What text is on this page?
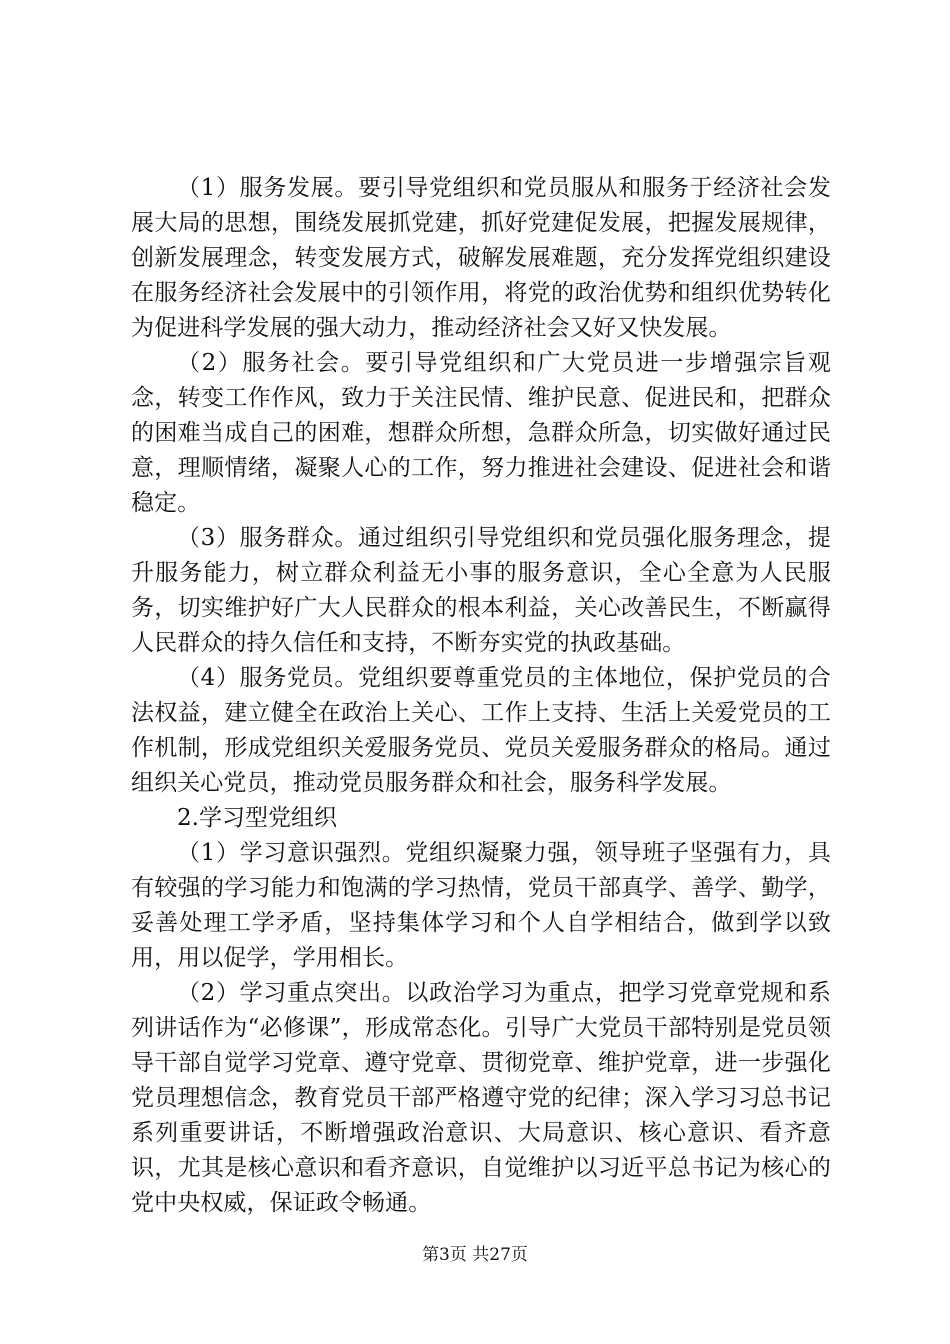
（1）服务发展。要引导党组织和党员服从和服务于经济社会发展大局的思想，围绕发展抓党建，抓好党建促发展，把握发展规律，创新发展理念，转变发展方式，破解发展难题，充分发挥党组织建设在服务经济社会发展中的引领作用，将党的政治优势和组织优势转化为促进科学发展的强大动力，推动经济社会又好又快发展。

（2）服务社会。要引导党组织和广大党员进一步增强宗旨观念，转变工作作风，致力于关注民情、维护民意、促进民和，把群众的困难当成自己的困难，想群众所想，急群众所急，切实做好通过民意，理顺情绪，凝聚人心的工作，努力推进社会建设、促进社会和谐稳定。

（3）服务群众。通过组织引导党组织和党员强化服务理念，提升服务能力，树立群众利益无小事的服务意识，全心全意为人民服务，切实维护好广大人民群众的根本利益，关心改善民生，不断赢得人民群众的持久信任和支持，不断夯实党的执政基础。

（4）服务党员。党组织要尊重党员的主体地位，保护党员的合法权益，建立健全在政治上关心、工作上支持、生活上关爱党员的工作机制，形成党组织关爱服务党员、党员关爱服务群众的格局。通过组织关心党员，推动党员服务群众和社会，服务科学发展。

2.学习型党组织

（1）学习意识强烈。党组织凝聚力强，领导班子坚强有力，具有较强的学习能力和饱满的学习热情，党员干部真学、善学、勤学，妥善处理工学矛盾，坚持集体学习和个人自学相结合，做到学以致用，用以促学，学用相长。

（2）学习重点突出。以政治学习为重点，把学习党章党规和系列讲话作为“必修课”，形成常态化。引导广大党员干部特别是党员领导干部自觉学习党章、遵守党章、贯彻党章、维护党章，进一步强化党员理想信念，教育党员干部严格遵守党的纪律；深入学习习总书记系列重要讲话，不断增强政治意识、大局意识、核心意识、看齐意识，尤其是核心意识和看齐意识，自觉维护以习近平总书记为核心的党中央权威，保证政令畅通。

第3页 共27页
